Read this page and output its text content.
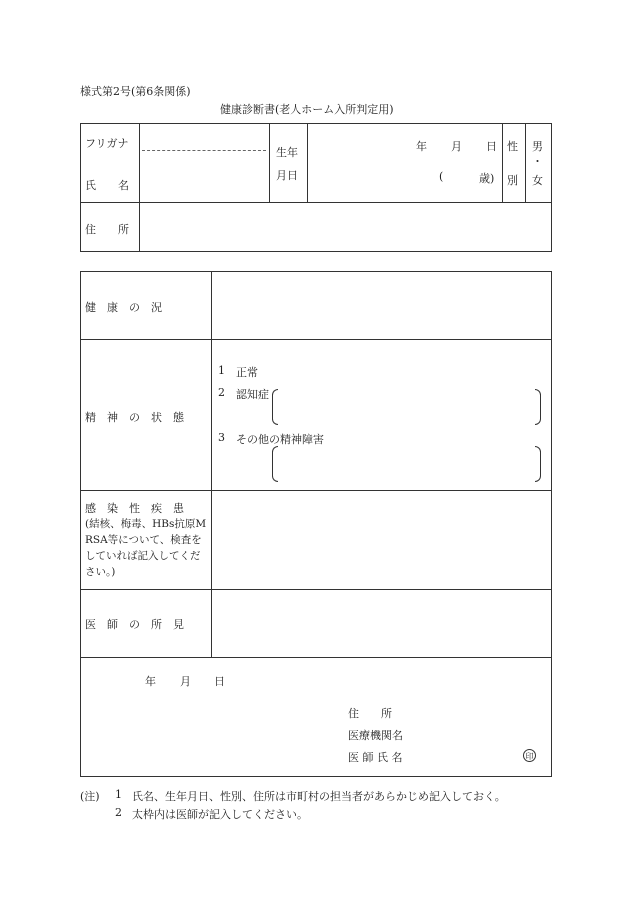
様式第2号(第6条関係)
健康診断書(老人ホーム入所判定用)
フリガナ
氏　　名
生年
月日
年 月 日
(	歳)
性
別
男
・
女
住　　所
健　康　の　況
精　神　の　状　態
1 正常
2 認知症
3 その他の精神障害
感　染　性　疾　患
(結核、梅毒、HBs抗原MRSA等について、検査をしていれば記入してください。)
医　師　の　所　見
年 月 日
住　　所
医療機関名
医 師 氏 名	印
(注) 1 氏名、生年月日、性別、住所は市町村の担当者があらかじめ記入しておく。
2 太枠内は医師が記入してください。
